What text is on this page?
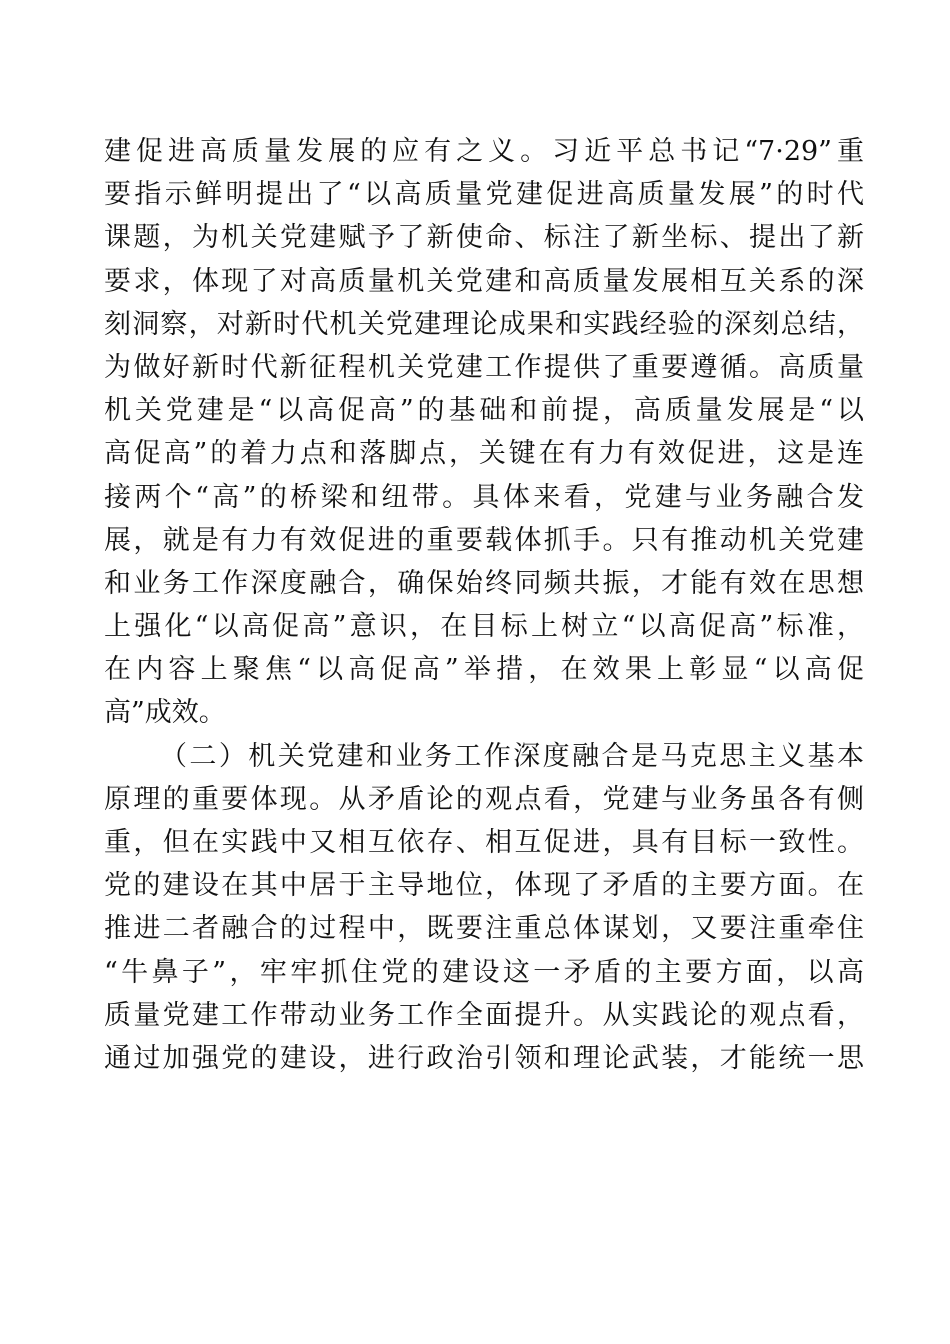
建促进高质量发展的应有之义。习近平总书记“7·29”重
要指示鲜明提出了“以高质量党建促进高质量发展”的时代
课题，为机关党建赋予了新使命、标注了新坐标、提出了新
要求，体现了对高质量机关党建和高质量发展相互关系的深
刻洞察，对新时代机关党建理论成果和实践经验的深刻总结，
为做好新时代新征程机关党建工作提供了重要遵循。高质量
机关党建是“以高促高”的基础和前提，高质量发展是“以
高促高”的着力点和落脚点，关键在有力有效促进，这是连
接两个“高”的桥梁和纽带。具体来看，党建与业务融合发
展，就是有力有效促进的重要载体抓手。只有推动机关党建
和业务工作深度融合，确保始终同频共振，才能有效在思想
上强化“以高促高”意识，在目标上树立“以高促高”标准，
在内容上聚焦“以高促高”举措，在效果上彰显“以高促
高”成效。
（二）机关党建和业务工作深度融合是马克思主义基本
原理的重要体现。从矛盾论的观点看，党建与业务虽各有侧
重，但在实践中又相互依存、相互促进，具有目标一致性。
党的建设在其中居于主导地位，体现了矛盾的主要方面。在
推进二者融合的过程中，既要注重总体谋划，又要注重牵住
“牛鼻子”，牢牢抓住党的建设这一矛盾的主要方面，以高
质量党建工作带动业务工作全面提升。从实践论的观点看，
通过加强党的建设，进行政治引领和理论武装，才能统一思
